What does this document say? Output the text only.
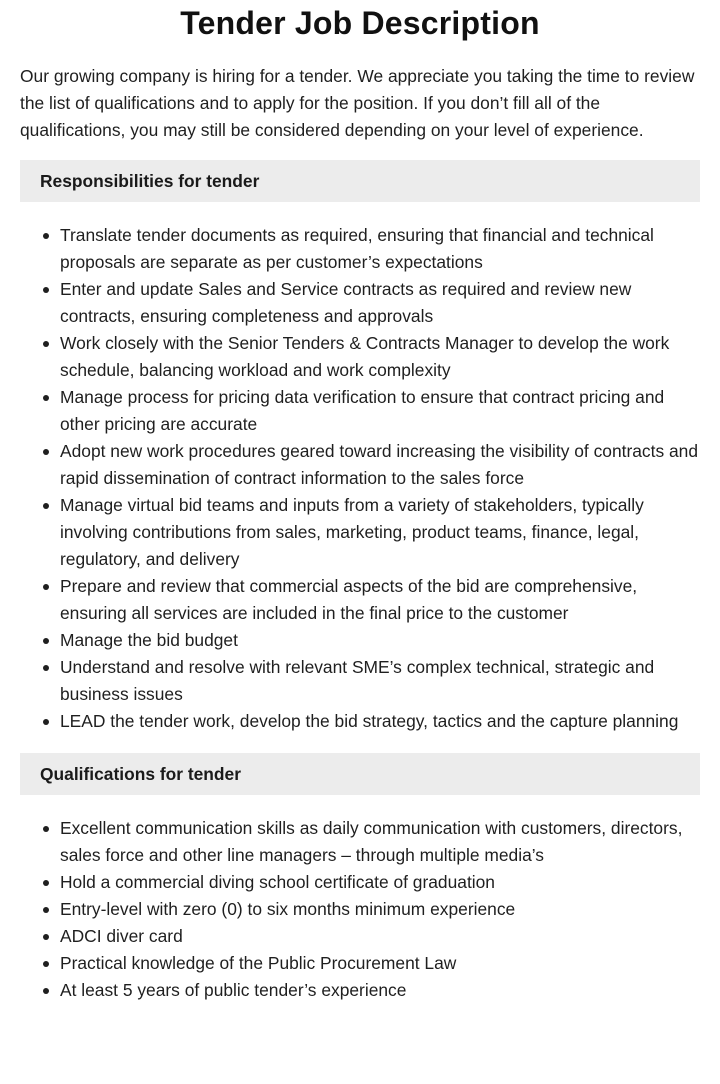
Tender Job Description

Our growing company is hiring for a tender. We appreciate you taking the time to review the list of qualifications and to apply for the position. If you don’t fill all of the qualifications, you may still be considered depending on your level of experience.

Responsibilities for tender
Translate tender documents as required, ensuring that financial and technical proposals are separate as per customer’s expectations
Enter and update Sales and Service contracts as required and review new contracts, ensuring completeness and approvals
Work closely with the Senior Tenders & Contracts Manager to develop the work schedule, balancing workload and work complexity
Manage process for pricing data verification to ensure that contract pricing and other pricing are accurate
Adopt new work procedures geared toward increasing the visibility of contracts and rapid dissemination of contract information to the sales force
Manage virtual bid teams and inputs from a variety of stakeholders, typically involving contributions from sales, marketing, product teams, finance, legal, regulatory, and delivery
Prepare and review that commercial aspects of the bid are comprehensive, ensuring all services are included in the final price to the customer
Manage the bid budget
Understand and resolve with relevant SME’s complex technical, strategic and business issues
LEAD the tender work, develop the bid strategy, tactics and the capture planning
Qualifications for tender
Excellent communication skills as daily communication with customers, directors, sales force and other line managers – through multiple media’s
Hold a commercial diving school certificate of graduation
Entry-level with zero (0) to six months minimum experience
ADCI diver card
Practical knowledge of the Public Procurement Law
At least 5 years of public tender’s experience
